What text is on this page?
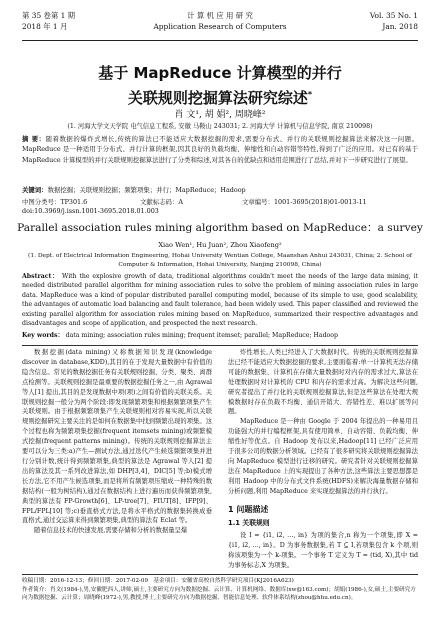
第 35 卷第 1 期
2018 年 1 月
计 算 机 应 用 研 究
Application Research of Computers
Vol. 35 No. 1
Jan. 2018
基于 MapReduce 计算模型的并行
关联规则挖掘算法研究综述*
肖 文¹, 胡 娟², 周晓峰²
(1. 河海大学文天学院 电气信息工程系, 安徽 马鞍山 243031; 2. 河海大学 计算机与信息学院, 南京 210098)
摘 要：随着数据的爆炸式增长,传统的算法已不能适应大数据挖掘的需求,需要分布式、并行的关联规则挖掘算法来解决这一问题。MapReduce 是一种适用于分布式、并行计算的框架,因其良好的负载均衡、伸缩性和自动容错等特性,得到了广泛的应用。对已有的基于 MapReduce 计算模型的并行关联规则挖掘算法进行了分类和综述,对其各自的优缺点和适用范围进行了总结,并对下一步研究进行了展望。
关键词：数据挖掘；关联规则挖掘；频繁项集；并行；MapReduce；Hadoop
中图分类号：TP301.6	文献标志码：A	文章编号：1001-3695(2018)01-0013-11
doi:10.3969/j.issn.1001-3695.2018.01.003
Parallel association rules mining algorithm based on MapReduce：a survey
Xiao Wen¹, Hu Juan², Zhou Xiaofeng²
(1. Dept. of Electrical Information Engineering, Hohai University Wentian College, Maanshan Anhui 243031, China; 2. School of Computer & Information, Hohai University, Nanjing 210098, China)
Abstract： With the explosive growth of data, traditional algorithms couldn't meet the needs of the large data mining, it needed distributed parallel algorithm for mining association rules to solve the problem of mining association rules in large data. MapReduce was a kind of popular distributed parallel computing model, because of its simple to use, good scalability, the advantages of automatic load balancing and fault tolerance, had been widely used. This paper classified and reviewed the existing parallel algorithm for association rules mining based on MapReduce, summarized their respective advantages and disadvantages and scope of application, and prospected the next research.
Key words： data mining; association rules mining; frequent itemset; parallel; MapReduce; Hadoop

数据挖掘(data mining)又称数据知识发现(knowledge discover in database,KDD),其目的在于发现大量数据中有价值的隐含信息。常见的数据挖掘任务有关联规则挖掘、分类、聚类、离群点检测等。关联规则挖掘是最重要的数据挖掘任务之一,由 Agrawal 等人[1] 提出,其目的是发现数据中项(项)之间有价值的关联关系。关联规则挖掘一般分为两个阶段:即发现频繁项集和根据频繁项集产生关联规则。由于根据频繁项集产生关联规则相对容易实现,所以关联规则挖掘研究主要关注的是如何在数据集中找到频繁出现的项集。这个过程也称为频繁项集挖掘(frequent itemsets mining)或频繁模式挖掘(frequent patterns mining)。传统的关联规则挖掘算法主要可以分为三类:a)产生—测试方法,通过迭代产生候选频繁项集并进行分别计数,统计得到频繁项集,典型的算法是 Agrawal 等人[2] 提出的算法及其一系列改进算法,如 DHP[3,4]、DIC[5] 等;b)模式增长方法,它不用产生候选项集,而是将所有频繁项压缩成一种特殊的数据结构(一般为树结构),通过在数据结构上进行遍历而获得频繁项集,典型的算法有 FP-Growth[6]、LP-tree[7]、FIUT[8]、IFP[9]、FPL/FPL[10] 等;c)垂直格式方法,是将水平格式的数据集转换成垂直格式,通过交运算来得到频繁项集,典型的算法有 Eclat 等。

随着信息技术的快速发展,需要存储和分析的数据量呈爆

炸性增长,人类已经进入了大数据时代。传统的关联规则挖掘算法已经不能适应大数据挖掘的要求,主要面临着:单一计算机无法存储可能的数据集、计算机在存储大量数据时对内存的需求过大,算法在处理数据时对计算机的 CPU 和内存的需求过高。为解决这些问题,研究者提出了并行化的关联规则挖掘算法,但是这些算法在处理大规模数据时存在负载不均衡、通信开销大、容错性差、难以扩展等问题。

MapReduce 是一种由 Google 于 2004 年提出的一种易用且功能强大的并行编程框架,具有使用简单、自动容错、负载均衡、伸缩性好等优点。自 Hadoop 发布以来,Hadoop[11] 已经广泛应用于很多公司的数据分析领域。已经有了很多研究将关联规则挖掘算法向 MapReduce 模型进行迁移的研究。研究者针对关联规则挖掘算法在 MapReduce 上的实现提出了各种方法,这些算法主要思想都是利用 Hadoop 中的分布式文件系统(HDFS)来解决海量数据存储和分析问题,利用 MapReduce 来实现挖掘算法的并行执行。

1 问题描述
1.1 关联规则

设 I = {i1, i2, …, in} 为项的集合,n 称为一个项集,即 X = {i1, i2, …, in}。D 为事务数据集,若 T ⊆ I,若项集包含 k 个项,则称该项集为一个 k-项集。一个事务 T 定义为 T = (tid, X),其中 tid 为事务标志,X 为项集。

收稿日期：2016-12-13；修回日期：2017-02-09 基金项目：安徽省高校自然科学研究项目(KJ2016A623)
作者简介：肖文(1984-),男,安徽肥西人,讲师,硕士,主要研究方向为数据挖掘、云计算、计算机网络、数据库(xw@163.com)；胡娟(1986-),女,硕士,主要研究方向为数据挖掘、云计算；周晓峰(1972-),男,教授,博士,主要研究方向为数据挖掘、智能信息处理、软件体系结构(zhou@hhu.edu.cn)。
